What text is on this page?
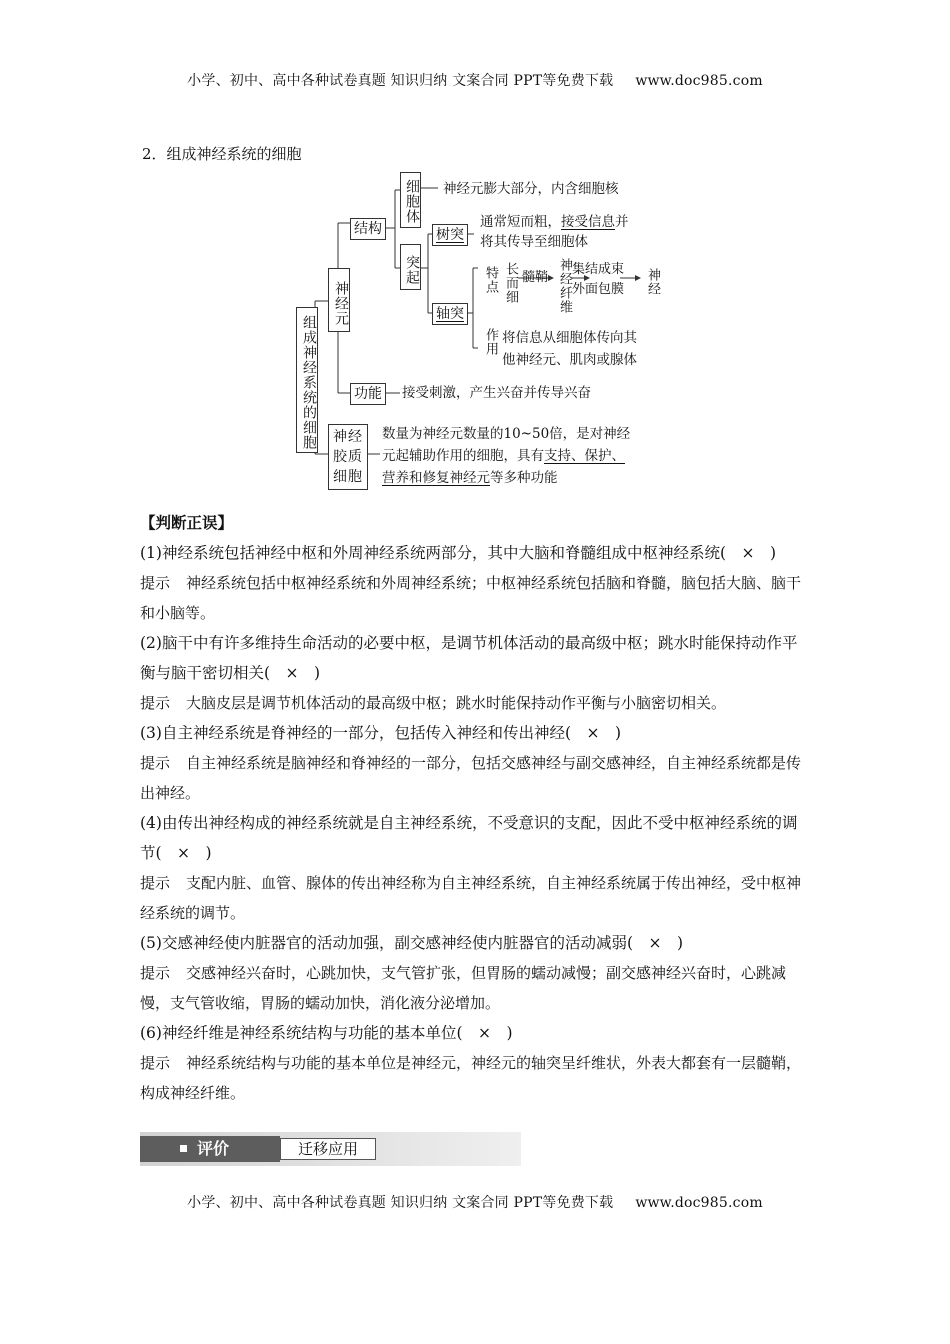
小学、初中、高中各种试卷真题 知识归纳 文案合同 PPT等免费下载 www.doc985.com
2．组成神经系统的细胞
组成神经系统的细胞
神经元
结构
细胞体 神经元膨大部分，内含细胞核
突起
树突
通常短而粗，接受信息并
将其传导至细胞体
轴突
特点 长而细 髓鞘 神经纤维 集结成束
外面包膜 神经
作用 将信息从细胞体传向其
他神经元、肌肉或腺体
功能 接受刺激，产生兴奋并传导兴奋
神经胶质细胞
数量为神经元数量的10~50倍，是对神经
元起辅助作用的细胞，具有支持、保护、
营养和修复神经元等多种功能

【判断正误】

(1)神经系统包括神经中枢和外周神经系统两部分，其中大脑和脊髓组成中枢神经系统(　×　)

提示 神经系统包括中枢神经系统和外周神经系统；中枢神经系统包括脑和脊髓，脑包括大脑、脑干和小脑等。

(2)脑干中有许多维持生命活动的必要中枢，是调节机体活动的最高级中枢；跳水时能保持动作平衡与脑干密切相关(　×　)

提示 大脑皮层是调节机体活动的最高级中枢；跳水时能保持动作平衡与小脑密切相关。

(3)自主神经系统是脊神经的一部分，包括传入神经和传出神经(　×　)

提示 自主神经系统是脑神经和脊神经的一部分，包括交感神经与副交感神经，自主神经系统都是传出神经。

(4)由传出神经构成的神经系统就是自主神经系统，不受意识的支配，因此不受中枢神经系统的调节(　×　)

提示 支配内脏、血管、腺体的传出神经称为自主神经系统，自主神经系统属于传出神经，受中枢神经系统的调节。

(5)交感神经使内脏器官的活动加强，副交感神经使内脏器官的活动减弱(　×　)

提示 交感神经兴奋时，心跳加快，支气管扩张，但胃肠的蠕动减慢；副交感神经兴奋时，心跳减慢，支气管收缩，胃肠的蠕动加快，消化液分泌增加。

(6)神经纤维是神经系统结构与功能的基本单位(　×　)

提示 神经系统结构与功能的基本单位是神经元，神经元的轴突呈纤维状，外表大都套有一层髓鞘，构成神经纤维。

评价	迁移应用
小学、初中、高中各种试卷真题 知识归纳 文案合同 PPT等免费下载 www.doc985.com
